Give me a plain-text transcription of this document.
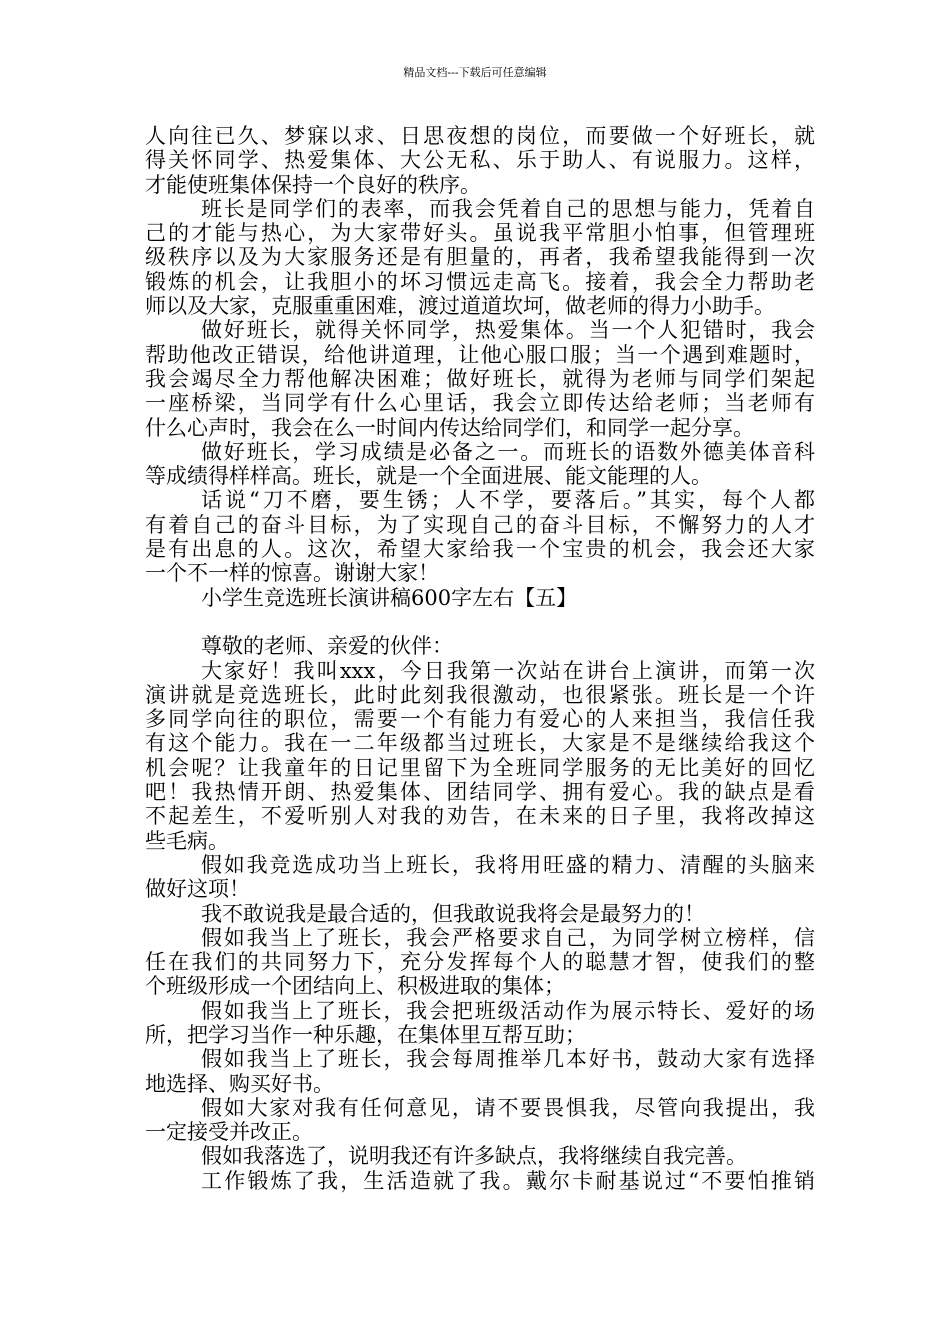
精品文档---下载后可任意编辑
人向往已久、梦寐以求、日思夜想的岗位，而要做一个好班长，就
得关怀同学、热爱集体、大公无私、乐于助人、有说服力。这样，
才能使班集体保持一个良好的秩序。
班长是同学们的表率，而我会凭着自己的思想与能力，凭着自
己的才能与热心，为大家带好头。虽说我平常胆小怕事，但管理班
级秩序以及为大家服务还是有胆量的，再者，我希望我能得到一次
锻炼的机会，让我胆小的坏习惯远走高飞。接着，我会全力帮助老
师以及大家，克服重重困难，渡过道道坎坷，做老师的得力小助手。
做好班长，就得关怀同学，热爱集体。当一个人犯错时，我会
帮助他改正错误，给他讲道理，让他心服口服；当一个遇到难题时，
我会竭尽全力帮他解决困难；做好班长，就得为老师与同学们架起
一座桥梁，当同学有什么心里话，我会立即传达给老师；当老师有
什么心声时，我会在么一时间内传达给同学们，和同学一起分享。
做好班长，学习成绩是必备之一。而班长的语数外德美体音科
等成绩得样样高。班长，就是一个全面进展、能文能理的人。
话说“刀不磨，要生锈；人不学，要落后。”其实，每个人都
有着自己的奋斗目标，为了实现自己的奋斗目标，不懈努力的人才
是有出息的人。这次，希望大家给我一个宝贵的机会，我会还大家
一个不一样的惊喜。谢谢大家！
小学生竞选班长演讲稿600字左右【五】
尊敬的老师、亲爱的伙伴：
大家好！我叫xxx，今日我第一次站在讲台上演讲，而第一次
演讲就是竞选班长，此时此刻我很激动，也很紧张。班长是一个许
多同学向往的职位，需要一个有能力有爱心的人来担当，我信任我
有这个能力。我在一二年级都当过班长，大家是不是继续给我这个
机会呢？让我童年的日记里留下为全班同学服务的无比美好的回忆
吧！我热情开朗、热爱集体、团结同学、拥有爱心。我的缺点是看
不起差生，不爱听别人对我的劝告，在未来的日子里，我将改掉这
些毛病。
假如我竞选成功当上班长，我将用旺盛的精力、清醒的头脑来
做好这项！
我不敢说我是最合适的，但我敢说我将会是最努力的！
假如我当上了班长，我会严格要求自己，为同学树立榜样，信
任在我们的共同努力下，充分发挥每个人的聪慧才智，使我们的整
个班级形成一个团结向上、积极进取的集体；
假如我当上了班长，我会把班级活动作为展示特长、爱好的场
所，把学习当作一种乐趣，在集体里互帮互助；
假如我当上了班长，我会每周推举几本好书，鼓动大家有选择
地选择、购买好书。
假如大家对我有任何意见，请不要畏惧我，尽管向我提出，我
一定接受并改正。
假如我落选了，说明我还有许多缺点，我将继续自我完善。
工作锻炼了我，生活造就了我。戴尔卡耐基说过“不要怕推销
